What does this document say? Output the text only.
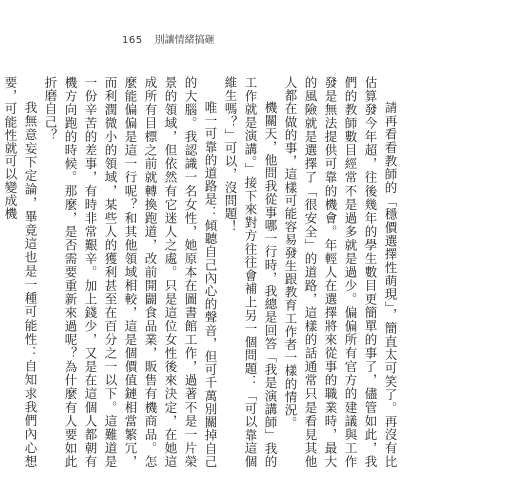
165 別讓情緒搞砸

請再看看教師的「穩價選擇性萌現」，簡直太可笑了。再沒有比估算發今年超，往後幾年的學生數目更簡單的事了，儘管如此，我們的教師數目經常不是過多就是過少。偏偏所有官方的建議與工作發是無法提供可靠的機會。年輕人在選擇將來從事的職業時，最大的風險就是選擇了「很安全」的道路，這樣的話通常只是看見其他人都在做的事，這樣可能容易發生跟教育工作者一樣的情況。

機關天，他問我從事哪一行時，我總是回答「我是演講師」我的工作就是演講。」接下來對方往往會補上另一個問題：「可以靠這個維生嗎？」可以，沒問題！

唯一可靠的道路是：傾聽自己內心的聲音，但可千萬別關掉自己的大腦。我認識一名女性，她原本在圖書館工作，過著不是一片榮景的領域，但依然有它迷人之處。只是這位女性後來決定，在她這成所有目標之前就轉換跑道，改前開闢食品業，販售有機商品。怎麼能偏偏是這一行呢？和其他領域相較，這是個價值鏈相當繁冗，而利潤微小的領域，某些人的獲利甚至在百分之一以下。這難道是一份辛苦的差事，有時非常艱辛。加上錢少，又是在這個人都朝有機方向跑的時候。那麼，是否需要重新來過呢？為什麼有人要如此折磨自己？

我無意妄下定論，畢竟這也是一種可能性：自知求我們內心想要，可能性就可以變成機
